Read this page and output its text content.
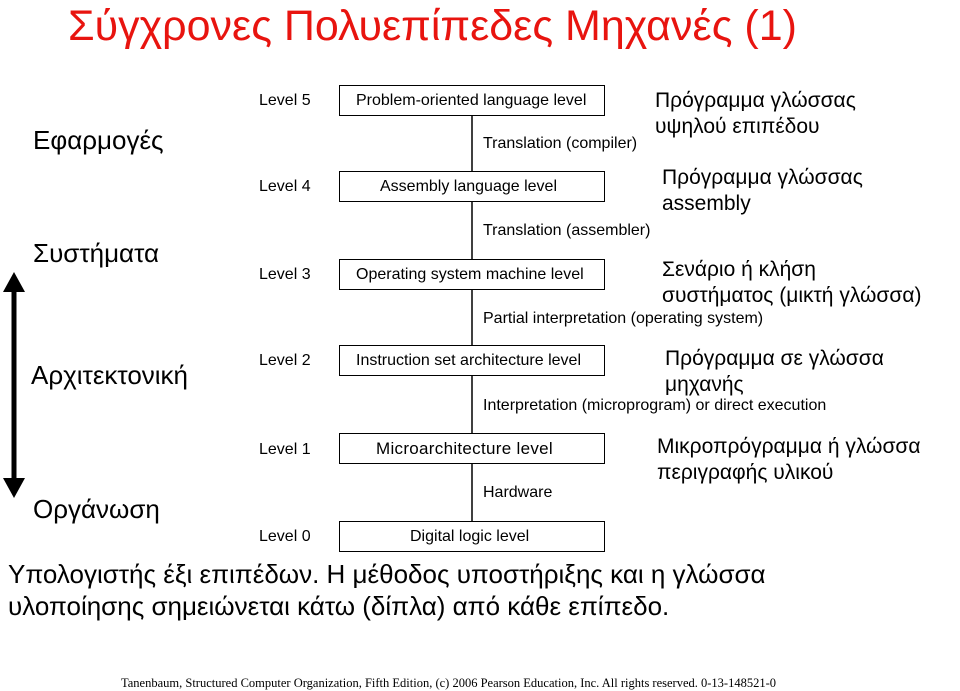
Σύγχρονες Πολυεπίπεδες Μηχανές (1)
Εφαρμογές
Συστήματα
Αρχιτεκτονική
Οργάνωση
Level 5
Level 4
Level 3
Level 2
Level 1
Level 0
Problem-oriented language level
Assembly language level
Operating system machine level
Instruction set architecture level
Microarchitecture level
Digital logic level
Translation (compiler)
Translation (assembler)
Partial interpretation (operating system)
Interpretation (microprogram) or direct execution
Hardware
Πρόγραμμα γλώσσας
υψηλού επιπέδου
Πρόγραμμα γλώσσας
assembly
Σενάριο ή κλήση
συστήματος (μικτή γλώσσα)
Πρόγραμμα σε γλώσσα
μηχανής
Μικροπρόγραμμα ή γλώσσα
περιγραφής υλικού
Υπολογιστής έξι επιπέδων. Η μέθοδος υποστήριξης και η γλώσσα
υλοποίησης σημειώνεται κάτω (δίπλα) από κάθε επίπεδο.
Tanenbaum, Structured Computer Organization, Fifth Edition, (c) 2006 Pearson Education, Inc. All rights reserved. 0-13-148521-0
